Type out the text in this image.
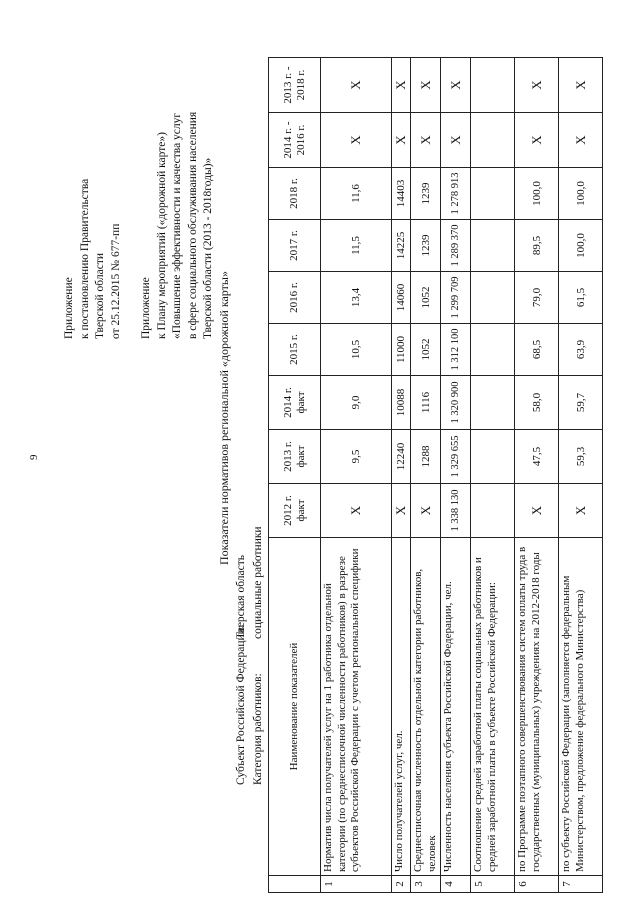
9
Приложение к постановлению Правительства Тверской области от 25.12.2015 № 677-пп Приложение к Плану мероприятий («дорожной карте») «Повышение эффективности и качества услуг в сфере социального обслуживания населения Тверской области (2013 - 2018годы)»
Показатели нормативов региональной «дорожной карты»
Субъект Российской Федерации:
Тверская область
Категория работников:
социальные работники
	Наименование показателей	2012 г. факт	2013 г. факт	2014 г. факт	2015 г.	2016 г.	2017 г.	2018 г.	2014 г. - 2016 г.	2013 г. - 2018 г.
1	Норматив числа получателей услуг на 1 работника отдельной категории (по среднесписочной численности работников) в разрезе субъектов Российской Федерации с учетом региональной специфики	X	9,5	9,0	10,5	13,4	11,5	11,6	X	X
2	Число получателей услуг, чел.	X	12240	10088	11000	14060	14225	14403	X	X
3	Среднесписочная численность отдельной категории работников, человек	X	1288	1116	1052	1052	1239	1239	X	X
4	Численность населения субъекта Российской Федерации, чел.	1 338 130	1 329 655	1 320 900	1 312 100	1 299 709	1 289 370	1 278 913	X	X
5	Соотношение средней заработной платы социальных работников и средней заработной платы в субъекте Российской Федерации:									
6	по Программе поэтапного совершенствования систем оплаты труда в государственных (муниципальных) учреждениях на 2012-2018 годы	X	47,5	58,0	68,5	79,0	89,5	100,0	X	X
7	по субъекту Российской Федерации (заполняется федеральным Министерством, предложение федерального Министерства)	X	59,3	59,7	63,9	61,5	100,0	100,0	X	X
